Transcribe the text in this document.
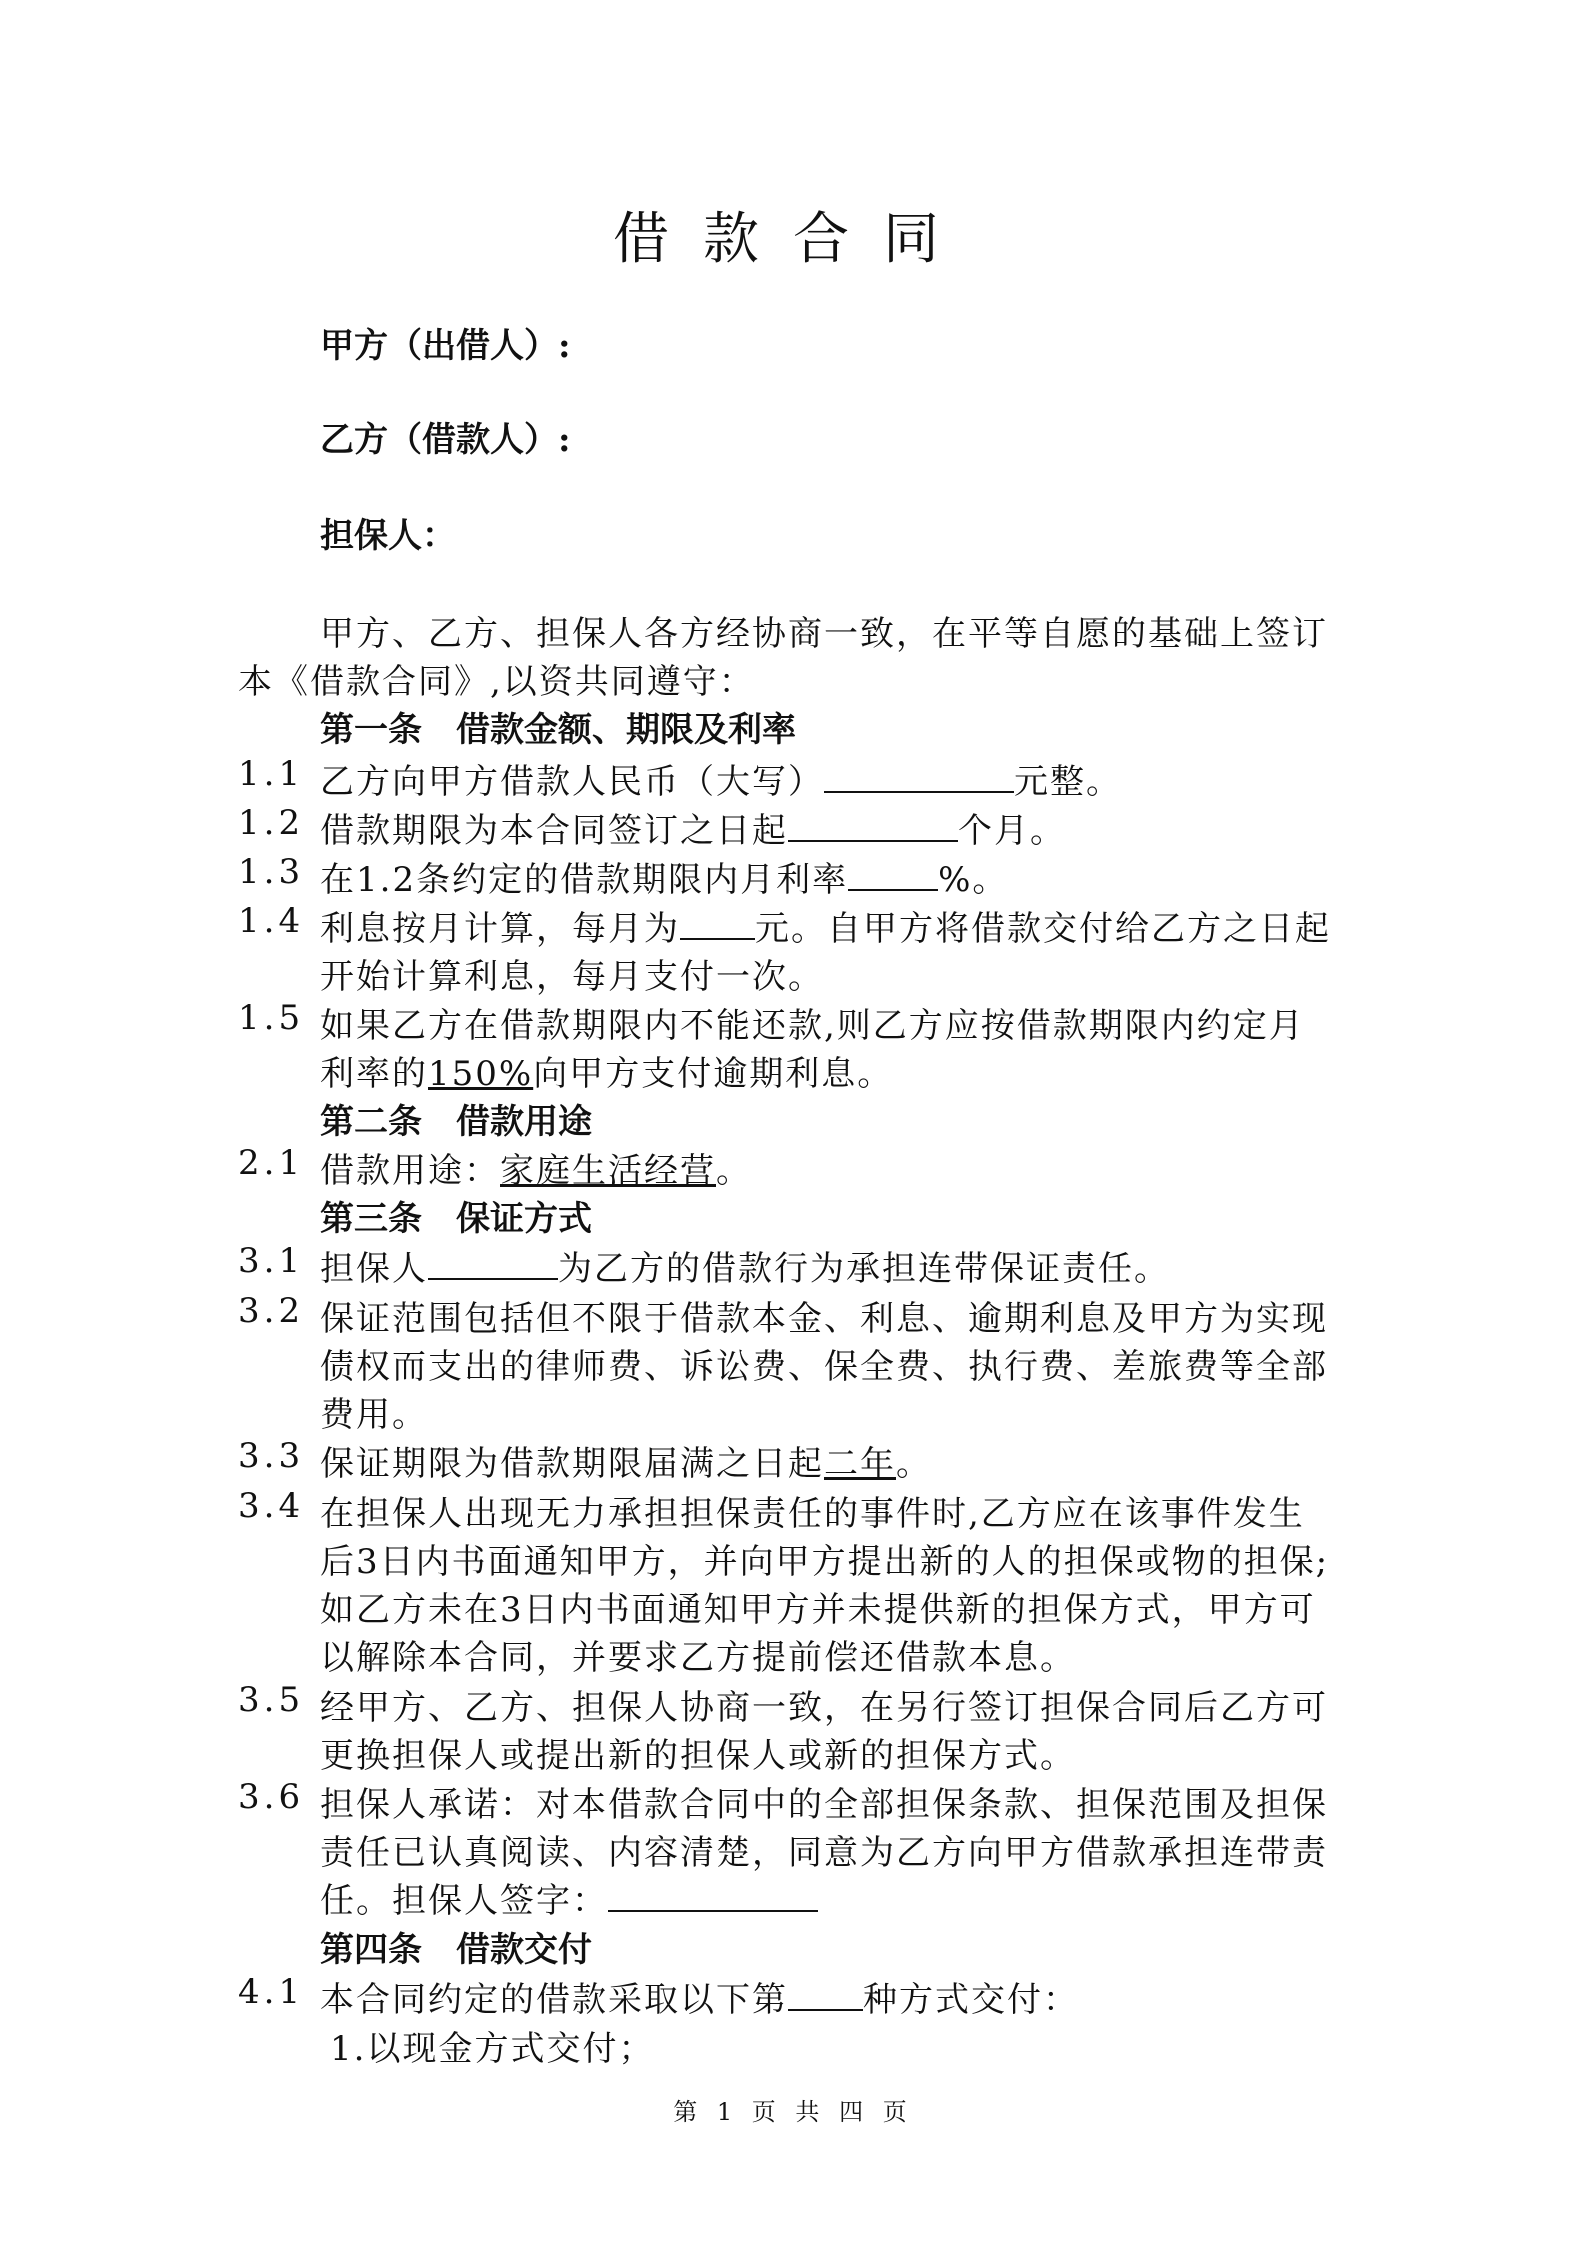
借款合同
甲方（出借人）:
乙方（借款人）:
担保人：
甲方、乙方、担保人各方经协商一致，在平等自愿的基础上签订
本《借款合同》,以资共同遵守：
第一条 借款金额、期限及利率
1.1 乙方向甲方借款人民币（大写）	元整。
1.2 借款期限为本合同签订之日起	个月。
1.3 在1.2条约定的借款期限内月利率	%。
1.4 利息按月计算，每月为 元。自甲方将借款交付给乙方之日起
开始计算利息，每月支付一次。
1.5 如果乙方在借款期限内不能还款,则乙方应按借款期限内约定月
利率的150%向甲方支付逾期利息。
第二条 借款用途
2.1 借款用途：家庭生活经营。
第三条 保证方式
3.1 担保人	为乙方的借款行为承担连带保证责任。
3.2 保证范围包括但不限于借款本金、利息、逾期利息及甲方为实现
债权而支出的律师费、诉讼费、保全费、执行费、差旅费等全部
费用。
3.3 保证期限为借款期限届满之日起二年。
3.4 在担保人出现无力承担担保责任的事件时,乙方应在该事件发生
后3日内书面通知甲方，并向甲方提出新的人的担保或物的担保;
如乙方未在3日内书面通知甲方并未提供新的担保方式，甲方可
以解除本合同，并要求乙方提前偿还借款本息。
3.5 经甲方、乙方、担保人协商一致，在另行签订担保合同后乙方可
更换担保人或提出新的担保人或新的担保方式。
3.6 担保人承诺：对本借款合同中的全部担保条款、担保范围及担保
责任已认真阅读、内容清楚，同意为乙方向甲方借款承担连带责
任。担保人签字：
第四条 借款交付
4.1 本合同约定的借款采取以下第 种方式交付：
1.以现金方式交付；
第 1 页 共 四 页
